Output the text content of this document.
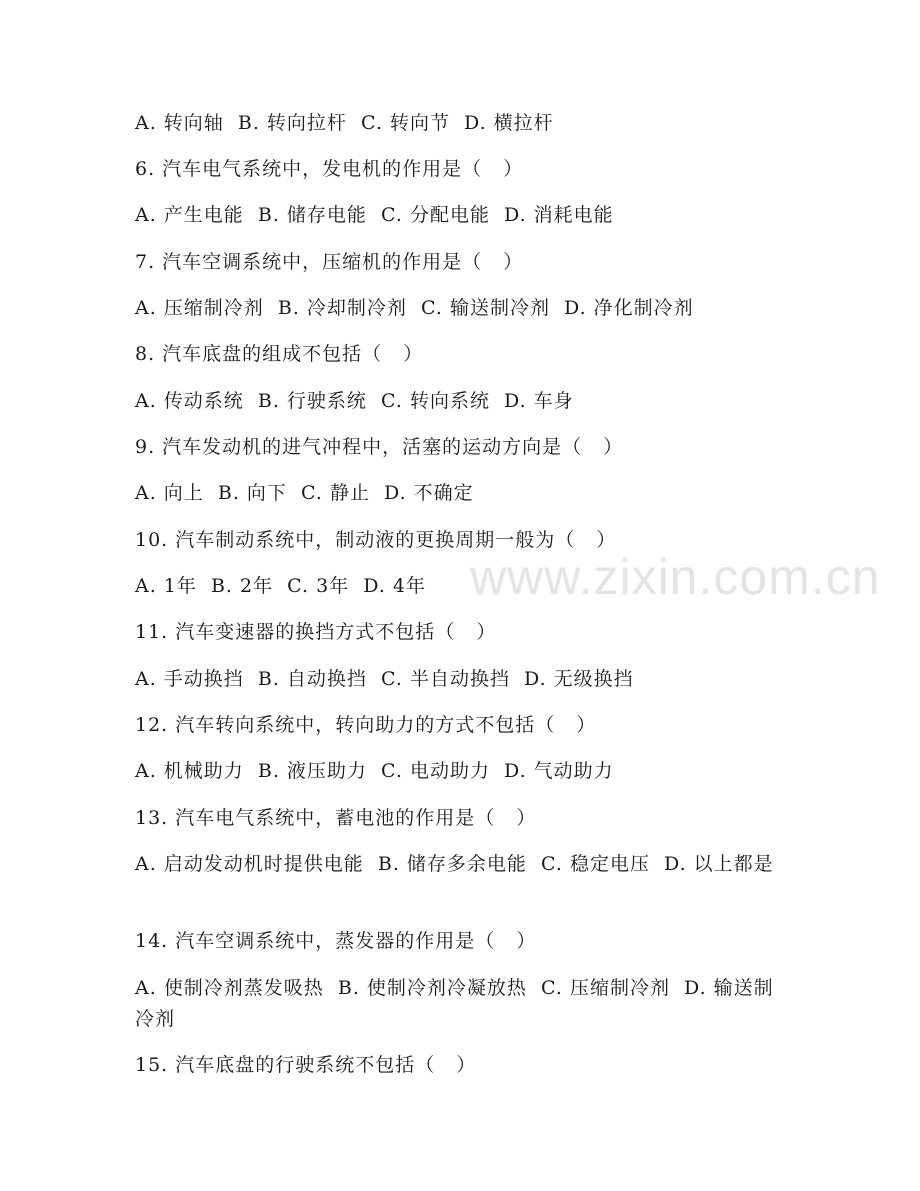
www.zixin.com.cn
A. 转向轴  B. 转向拉杆  C. 转向节  D. 横拉杆
6. 汽车电气系统中，发电机的作用是（   ）
A. 产生电能  B. 储存电能  C. 分配电能  D. 消耗电能
7. 汽车空调系统中，压缩机的作用是（   ）
A. 压缩制冷剂  B. 冷却制冷剂  C. 输送制冷剂  D. 净化制冷剂
8. 汽车底盘的组成不包括（   ）
A. 传动系统  B. 行驶系统  C. 转向系统  D. 车身
9. 汽车发动机的进气冲程中，活塞的运动方向是（   ）
A. 向上  B. 向下  C. 静止  D. 不确定
10. 汽车制动系统中，制动液的更换周期一般为（   ）
A. 1年  B. 2年  C. 3年  D. 4年
11. 汽车变速器的换挡方式不包括（   ）
A. 手动换挡  B. 自动换挡  C. 半自动换挡  D. 无级换挡
12. 汽车转向系统中，转向助力的方式不包括（   ）
A. 机械助力  B. 液压助力  C. 电动助力  D. 气动助力
13. 汽车电气系统中，蓄电池的作用是（   ）
A. 启动发动机时提供电能  B. 储存多余电能  C. 稳定电压  D. 以上都是
14. 汽车空调系统中，蒸发器的作用是（   ）
A. 使制冷剂蒸发吸热  B. 使制冷剂冷凝放热  C. 压缩制冷剂  D. 输送制冷剂
15. 汽车底盘的行驶系统不包括（   ）
